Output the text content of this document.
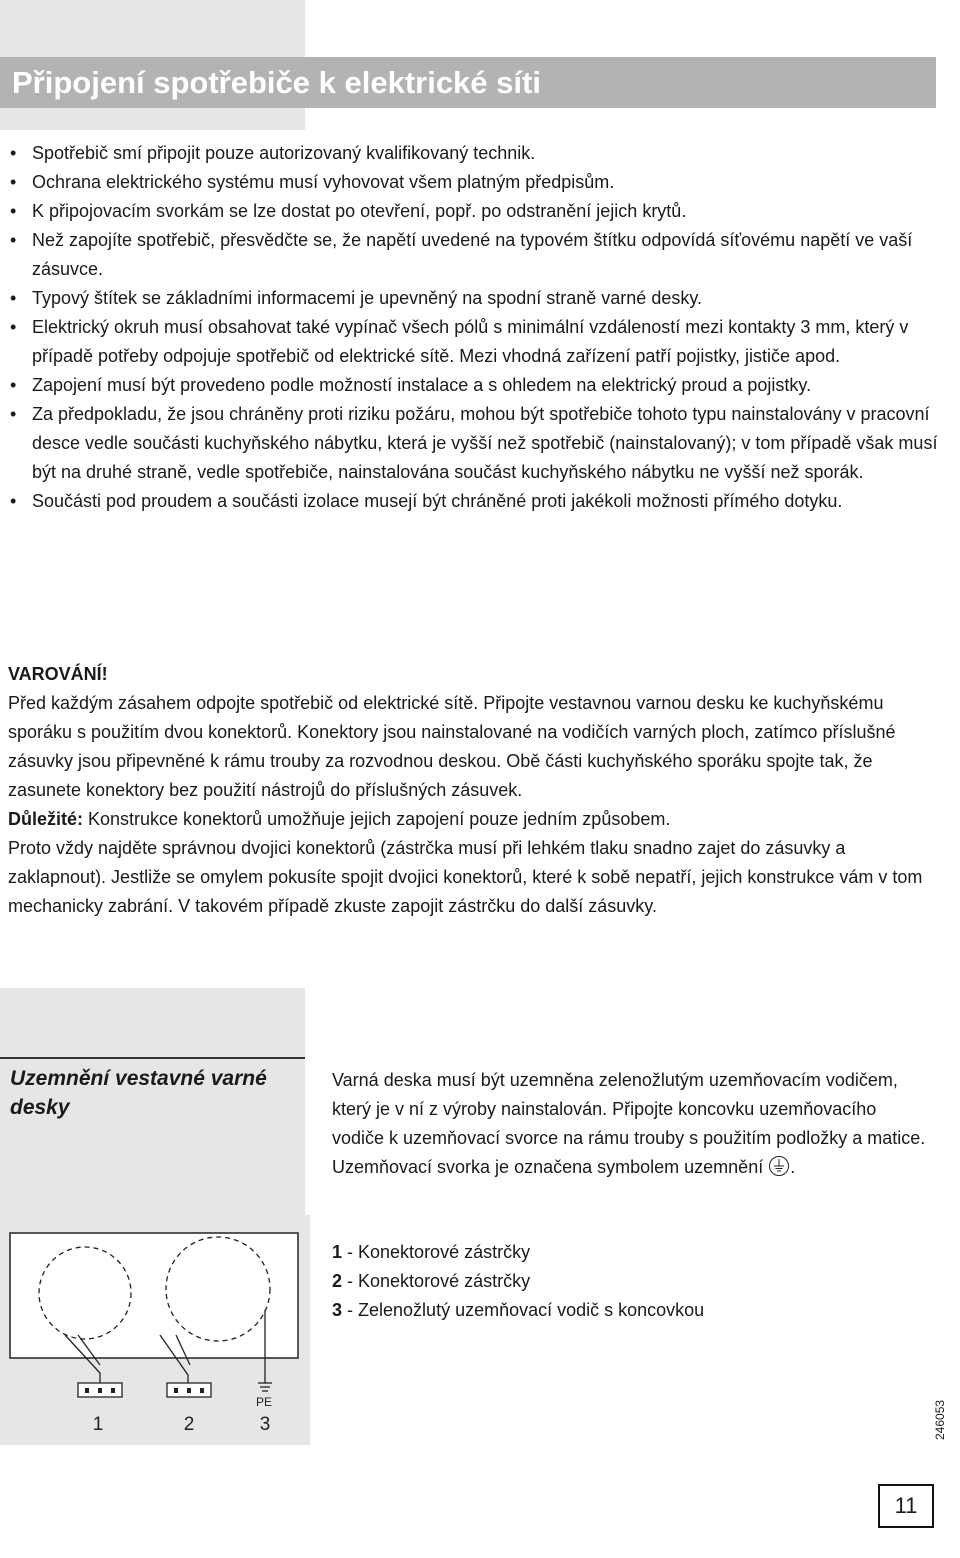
Připojení spotřebiče k elektrické síti
• Spotřebič smí připojit pouze autorizovaný kvalifikovaný technik.
• Ochrana elektrického systému musí vyhovovat všem platným předpisům.
• K připojovacím svorkám se lze dostat po otevření, popř. po odstranění jejich krytů.
• Než zapojíte spotřebič, přesvědčte se, že napětí uvedené na typovém štítku odpovídá síťovému napětí ve vaší zásuvce.
• Typový štítek se základními informacemi je upevněný na spodní straně varné desky.
• Elektrický okruh musí obsahovat také vypínač všech pólů s minimální vzdáleností mezi kontakty 3 mm, který v případě potřeby odpojuje spotřebič od elektrické sítě. Mezi vhodná zařízení patří pojistky, jističe apod.
• Zapojení musí být provedeno podle možností instalace a s ohledem na elektrický proud a pojistky.
• Za předpokladu, že jsou chráněny proti riziku požáru, mohou být spotřebiče tohoto typu nainstalovány v pracovní desce vedle součásti kuchyňského nábytku, která je vyšší než spotřebič (nainstalovaný); v tom případě však musí být na druhé straně, vedle spotřebiče, nainstalována součást kuchyňského nábytku ne vyšší než sporák.
• Součásti pod proudem a součásti izolace musejí být chráněné proti jakékoli možnosti přímého dotyku.

VAROVÁNÍ!

Před každým zásahem odpojte spotřebič od elektrické sítě. Připojte vestavnou varnou desku ke kuchyňskému sporáku s použitím dvou konektorů. Konektory jsou nainstalované na vodičích varných ploch, zatímco příslušné zásuvky jsou připevněné k rámu trouby za rozvodnou deskou. Obě části kuchyňského sporáku spojte tak, že zasunete konektory bez použití nástrojů do příslušných zásuvek.

Důležité: Konstrukce konektorů umožňuje jejich zapojení pouze jedním způsobem.

Proto vždy najděte správnou dvojici konektorů (zástrčka musí při lehkém tlaku snadno zajet do zásuvky a zaklapnout). Jestliže se omylem pokusíte spojit dvojici konektorů, které k sobě nepatří, jejich konstrukce vám v tom mechanicky zabrání. V takovém případě zkuste zapojit zástrčku do další zásuvky.

Uzemnění vestavné varné desky
Varná deska musí být uzemněna zelenožlutým uzemňovacím vodičem, který je v ní z výroby nainstalován. Připojte koncovku uzemňovacího vodiče k uzemňovací svorce na rámu trouby s použitím podložky a matice. Uzemňovací svorka je označena symbolem uzemnění .
1 - Konektorové zástrčky
2 - Konektorové zástrčky
3 - Zelenožlutý uzemňovací vodič s koncovkou
PE
1	2	3	246053
11
